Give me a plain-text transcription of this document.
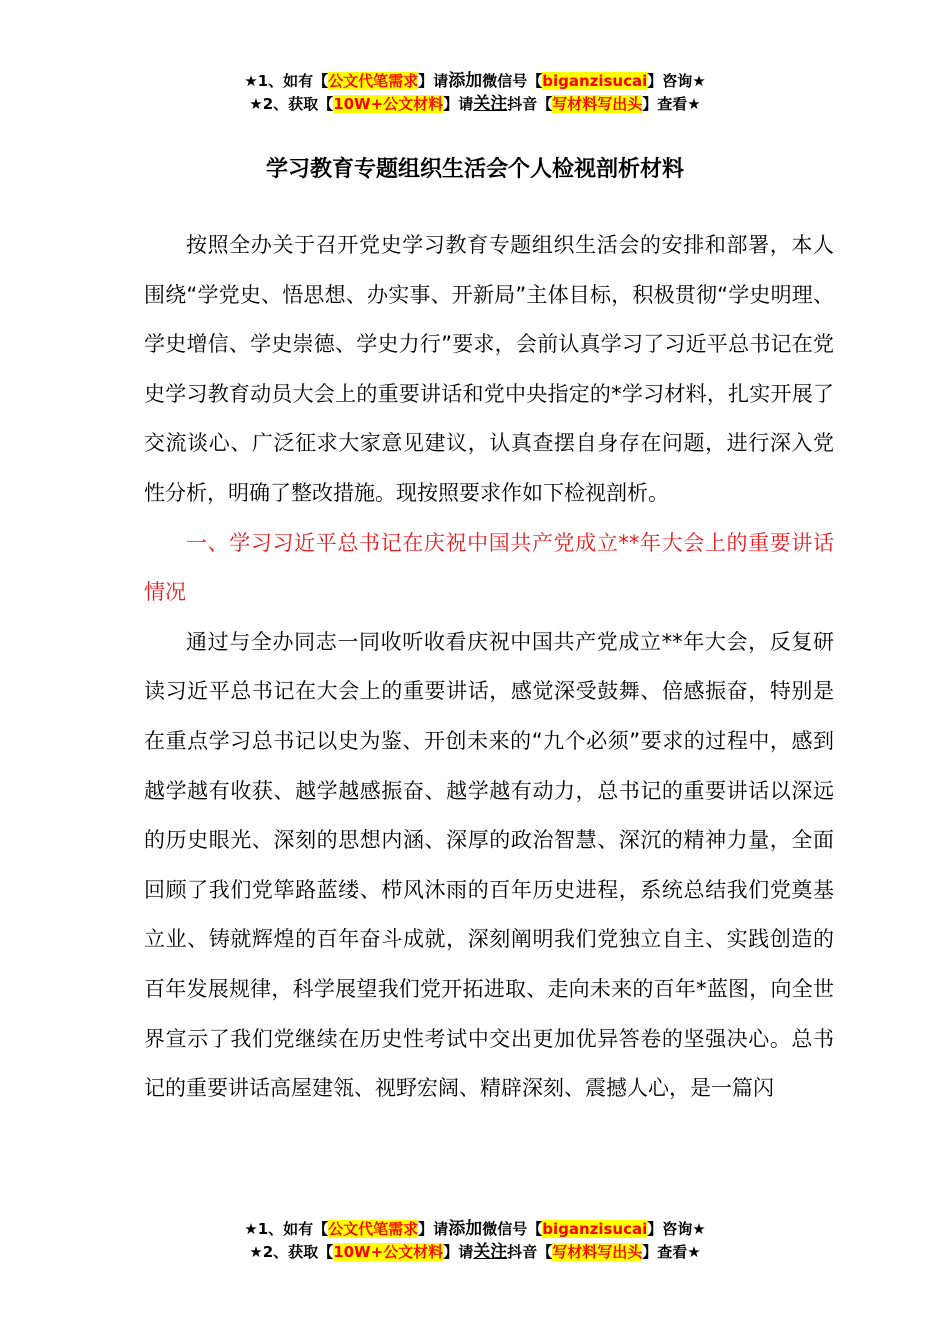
★1、如有【公文代笔需求】请添加微信号【biganzisucai】咨询★
★2、获取【10W+公文材料】请关注抖音【写材料写出头】查看★
学习教育专题组织生活会个人检视剖析材料

按照全办关于召开党史学习教育专题组织生活会的安排和部署，本人围绕“学党史、悟思想、办实事、开新局”主体目标，积极贯彻“学史明理、学史增信、学史崇德、学史力行”要求，会前认真学习了习近平总书记在党史学习教育动员大会上的重要讲话和党中央指定的*学习材料，扎实开展了交流谈心、广泛征求大家意见建议，认真查摆自身存在问题，进行深入党性分析，明确了整改措施。现按照要求作如下检视剖析。

一、学习习近平总书记在庆祝中国共产党成立**年大会上的重要讲话情况

通过与全办同志一同收听收看庆祝中国共产党成立**年大会，反复研读习近平总书记在大会上的重要讲话，感觉深受鼓舞、倍感振奋，特别是在重点学习总书记以史为鉴、开创未来的“九个必须”要求的过程中，感到越学越有收获、越学越感振奋、越学越有动力，总书记的重要讲话以深远的历史眼光、深刻的思想内涵、深厚的政治智慧、深沉的精神力量，全面回顾了我们党筚路蓝缕、栉风沐雨的百年历史进程，系统总结我们党奠基立业、铸就辉煌的百年奋斗成就，深刻阐明我们党独立自主、实践创造的百年发展规律，科学展望我们党开拓进取、走向未来的百年*蓝图，向全世界宣示了我们党继续在历史性考试中交出更加优异答卷的坚强决心。总书记的重要讲话高屋建瓴、视野宏阔、精辟深刻、震撼人心，是一篇闪

★1、如有【公文代笔需求】请添加微信号【biganzisucai】咨询★
★2、获取【10W+公文材料】请关注抖音【写材料写出头】查看★
